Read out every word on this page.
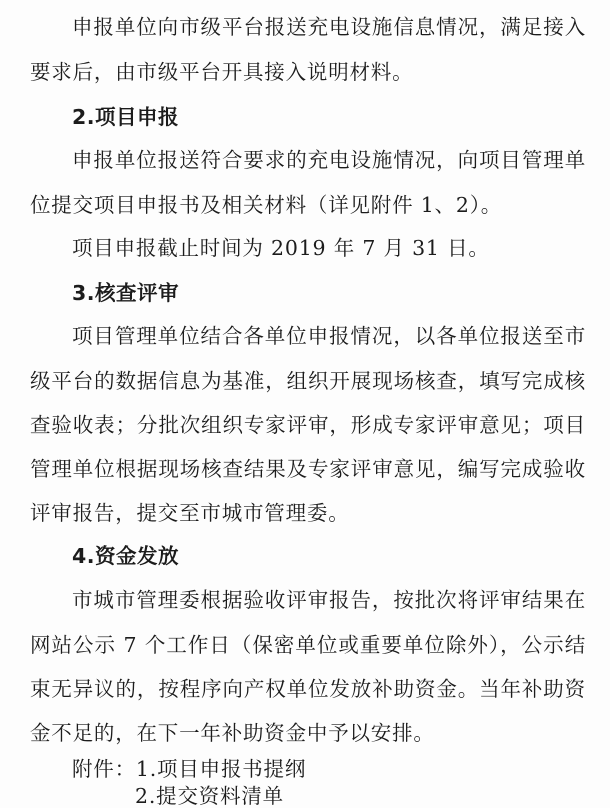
申报单位向市级平台报送充电设施信息情况，满足接入
要求后，由市级平台开具接入说明材料。
2.项目申报
申报单位报送符合要求的充电设施情况，向项目管理单
位提交项目申报书及相关材料（详见附件 1、2）。
项目申报截止时间为 2019 年 7 月 31 日。
3.核查评审
项目管理单位结合各单位申报情况，以各单位报送至市
级平台的数据信息为基准，组织开展现场核查，填写完成核
查验收表；分批次组织专家评审，形成专家评审意见；项目
管理单位根据现场核查结果及专家评审意见，编写完成验收
评审报告，提交至市城市管理委。
4.资金发放
市城市管理委根据验收评审报告，按批次将评审结果在
网站公示 7 个工作日（保密单位或重要单位除外），公示结
束无异议的，按程序向产权单位发放补助资金。当年补助资
金不足的，在下一年补助资金中予以安排。
附件：1.项目申报书提纲
2.提交资料清单
